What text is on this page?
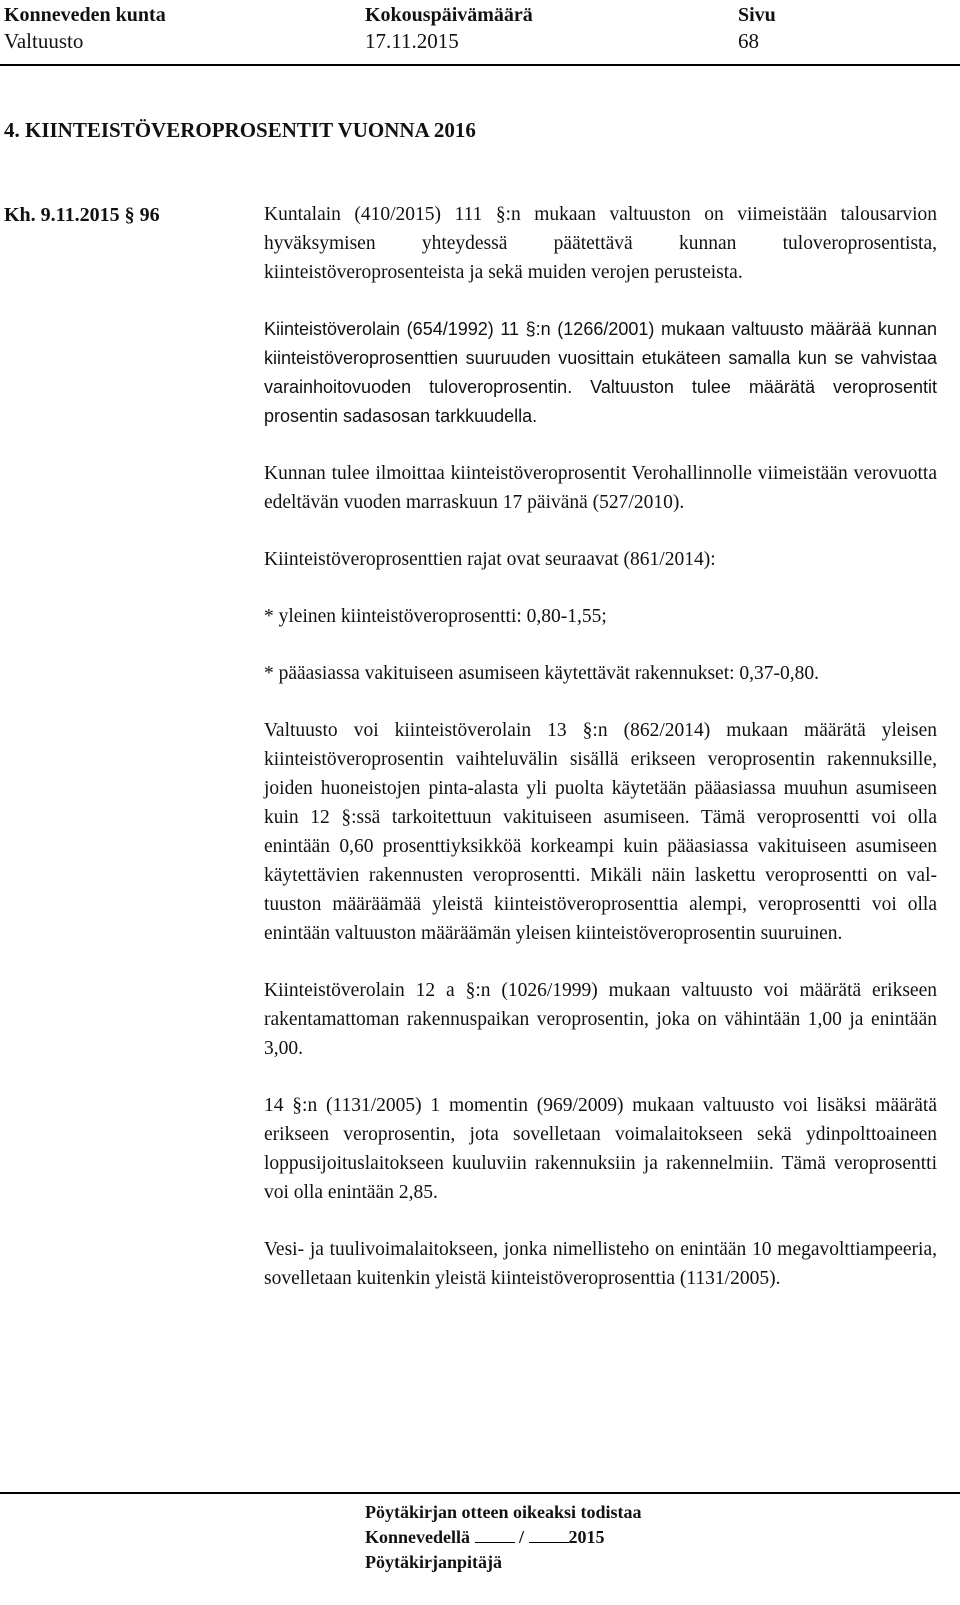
Konneveden kunta
Valtuusto
Kokouspäivämäärä
17.11.2015
Sivu
68
4. KIINTEISTÖVEROPROSENTIT VUONNA 2016
Kh. 9.11.2015 § 96	Kuntalain (410/2015) 111 §:n mukaan valtuuston on viimeistään talousarvion hyväksymisen yhteydessä päätettävä kunnan tuloveroprosentista, kiinteistöveroprosenteista ja sekä muiden verojen perusteista.

Kiinteistöverolain (654/1992) 11 §:n (1266/2001) mukaan valtuusto määrää kunnan kiinteistöveroprosenttien suuruuden vuosittain etukäteen samalla kun se vahvistaa varainhoitovuoden tuloveroprosentin. Valtuuston tulee määrätä veroprosentit prosentin sadasosan tarkkuudella.

Kunnan tulee ilmoittaa kiinteistöveroprosentit Verohallinnolle viimeistään verovuotta edeltävän vuoden marraskuun 17 päivänä (527/2010).

Kiinteistöveroprosenttien rajat ovat seuraavat (861/2014):

* yleinen kiinteistöveroprosentti: 0,80-1,55;

* pääasiassa vakituiseen asumiseen käytettävät rakennukset: 0,37-0,80.

Valtuusto voi kiinteistöverolain 13 §:n (862/2014) mukaan määrätä yleisen kiinteistöveroprosentin vaihteluvälin sisällä erikseen veroprosentin rakennuksille, joiden huoneistojen pinta-alasta yli puolta käytetään pääasiassa muuhun asumiseen kuin 12 §:ssä tarkoitettuun vakituiseen asumiseen. Tämä veroprosentti voi olla enintään 0,60 prosenttiyksikköä korkeampi kuin pääasiassa vakituiseen asumiseen käytettävien rakennusten veroprosentti. Mikäli näin laskettu veroprosentti on valtuuston määräämää yleistä kiinteistöveroprosenttia alempi, veroprosentti voi olla enintään valtuuston määräämän yleisen kiinteistöveroprosentin suuruinen.

Kiinteistöverolain 12 a §:n (1026/1999) mukaan valtuusto voi määrätä erikseen rakentamattoman rakennuspaikan veroprosentin, joka on vähintään 1,00 ja enintään 3,00.

14 §:n (1131/2005) 1 momentin (969/2009) mukaan valtuusto voi lisäksi määrätä erikseen veroprosentin, jota sovelletaan voimalaitokseen sekä ydinpolttoaineen loppusijoituslaitokseen kuuluviin rakennuksiin ja rakennelmiin. Tämä veroprosentti voi olla enintään 2,85.

Vesi- ja tuulivoimalaitokseen, jonka nimellisteho on enintään 10 megavolttiampeeria, sovelletaan kuitenkin yleistä kiinteistöveroprosenttia (1131/2005).

Pöytäkirjan otteen oikeaksi todistaa
Konnevedellä	/ 2015
Pöytäkirjanpitäjä
